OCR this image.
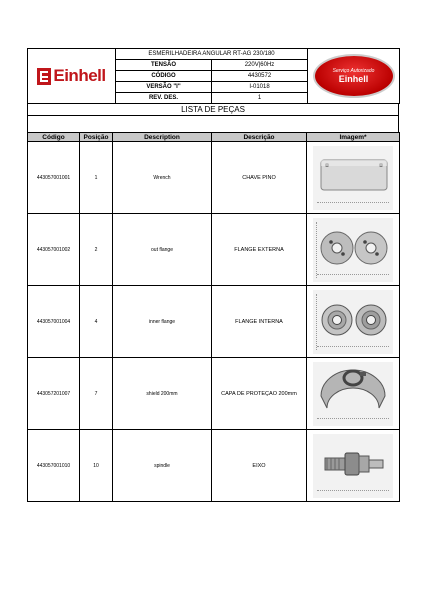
Einhell	ESMERILHADEIRA ANGULAR RT-AG 230/180		Serviço Autorizado
Einhell

	TENSÃO	220V|60Hz	
	CÓDIGO	4430572	
	VERSÃO "I"	I-01018	
	REV. DES.	1	
LISTA DE PEÇAS
Código	Posição	Description	Descrição	Imagem*
443057001001	1	Wrench	CHAVE PINO	

443057001002	2	out flange	FLANGE EXTERNA	

443057001004	4	inner flange	FLANGE INTERNA	

443057201007	7	shield 200mm	CAPA DE PROTEÇAO 200mm	

443057001010	10	spindle	EIXO	
